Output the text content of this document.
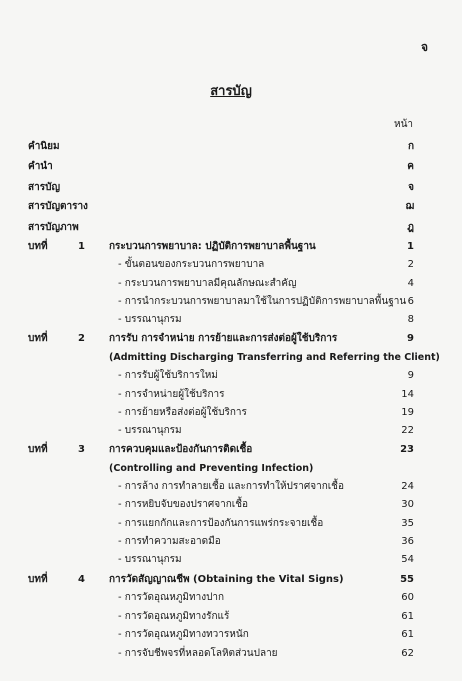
จ
สารบัญ
หน้า
คำนิยม	ก
คำนำ	ค
สารบัญ	จ
สารบัญตาราง	ฌ
สารบัญภาพ	ฎ
บทที่	1 กระบวนการพยาบาล: ปฏิบัติการพยาบาลพื้นฐาน	1
- ขั้นตอนของกระบวนการพยาบาล	2
- กระบวนการพยาบาลมีคุณลักษณะสำคัญ	4
- การนำกระบวนการพยาบาลมาใช้ในการปฏิบัติการพยาบาลพื้นฐาน 6
- บรรณานุกรม	8
บทที่	2 การรับ การจำหน่าย การย้ายและการส่งต่อผู้ใช้บริการ	9
(Admitting Discharging Transferring and Referring the Client)
- การรับผู้ใช้บริการใหม่	9
- การจำหน่ายผู้ใช้บริการ	14
- การย้ายหรือส่งต่อผู้ใช้บริการ	19
- บรรณานุกรม	22
บทที่	3 การควบคุมและป้องกันการติดเชื้อ	23
(Controlling and Preventing Infection)
- การล้าง การทำลายเชื้อ และการทำให้ปราศจากเชื้อ	24
- การหยิบจับของปราศจากเชื้อ	30
- การแยกกักและการป้องกันการแพร่กระจายเชื้อ	35
- การทำความสะอาดมือ	36
- บรรณานุกรม	54
บทที่	4 การวัดสัญญาณชีพ (Obtaining the Vital Signs)	55
- การวัดอุณหภูมิทางปาก	60
- การวัดอุณหภูมิทางรักแร้	61
- การวัดอุณหภูมิทางทวารหนัก	61
- การจับชีพจรที่หลอดโลหิตส่วนปลาย	62
